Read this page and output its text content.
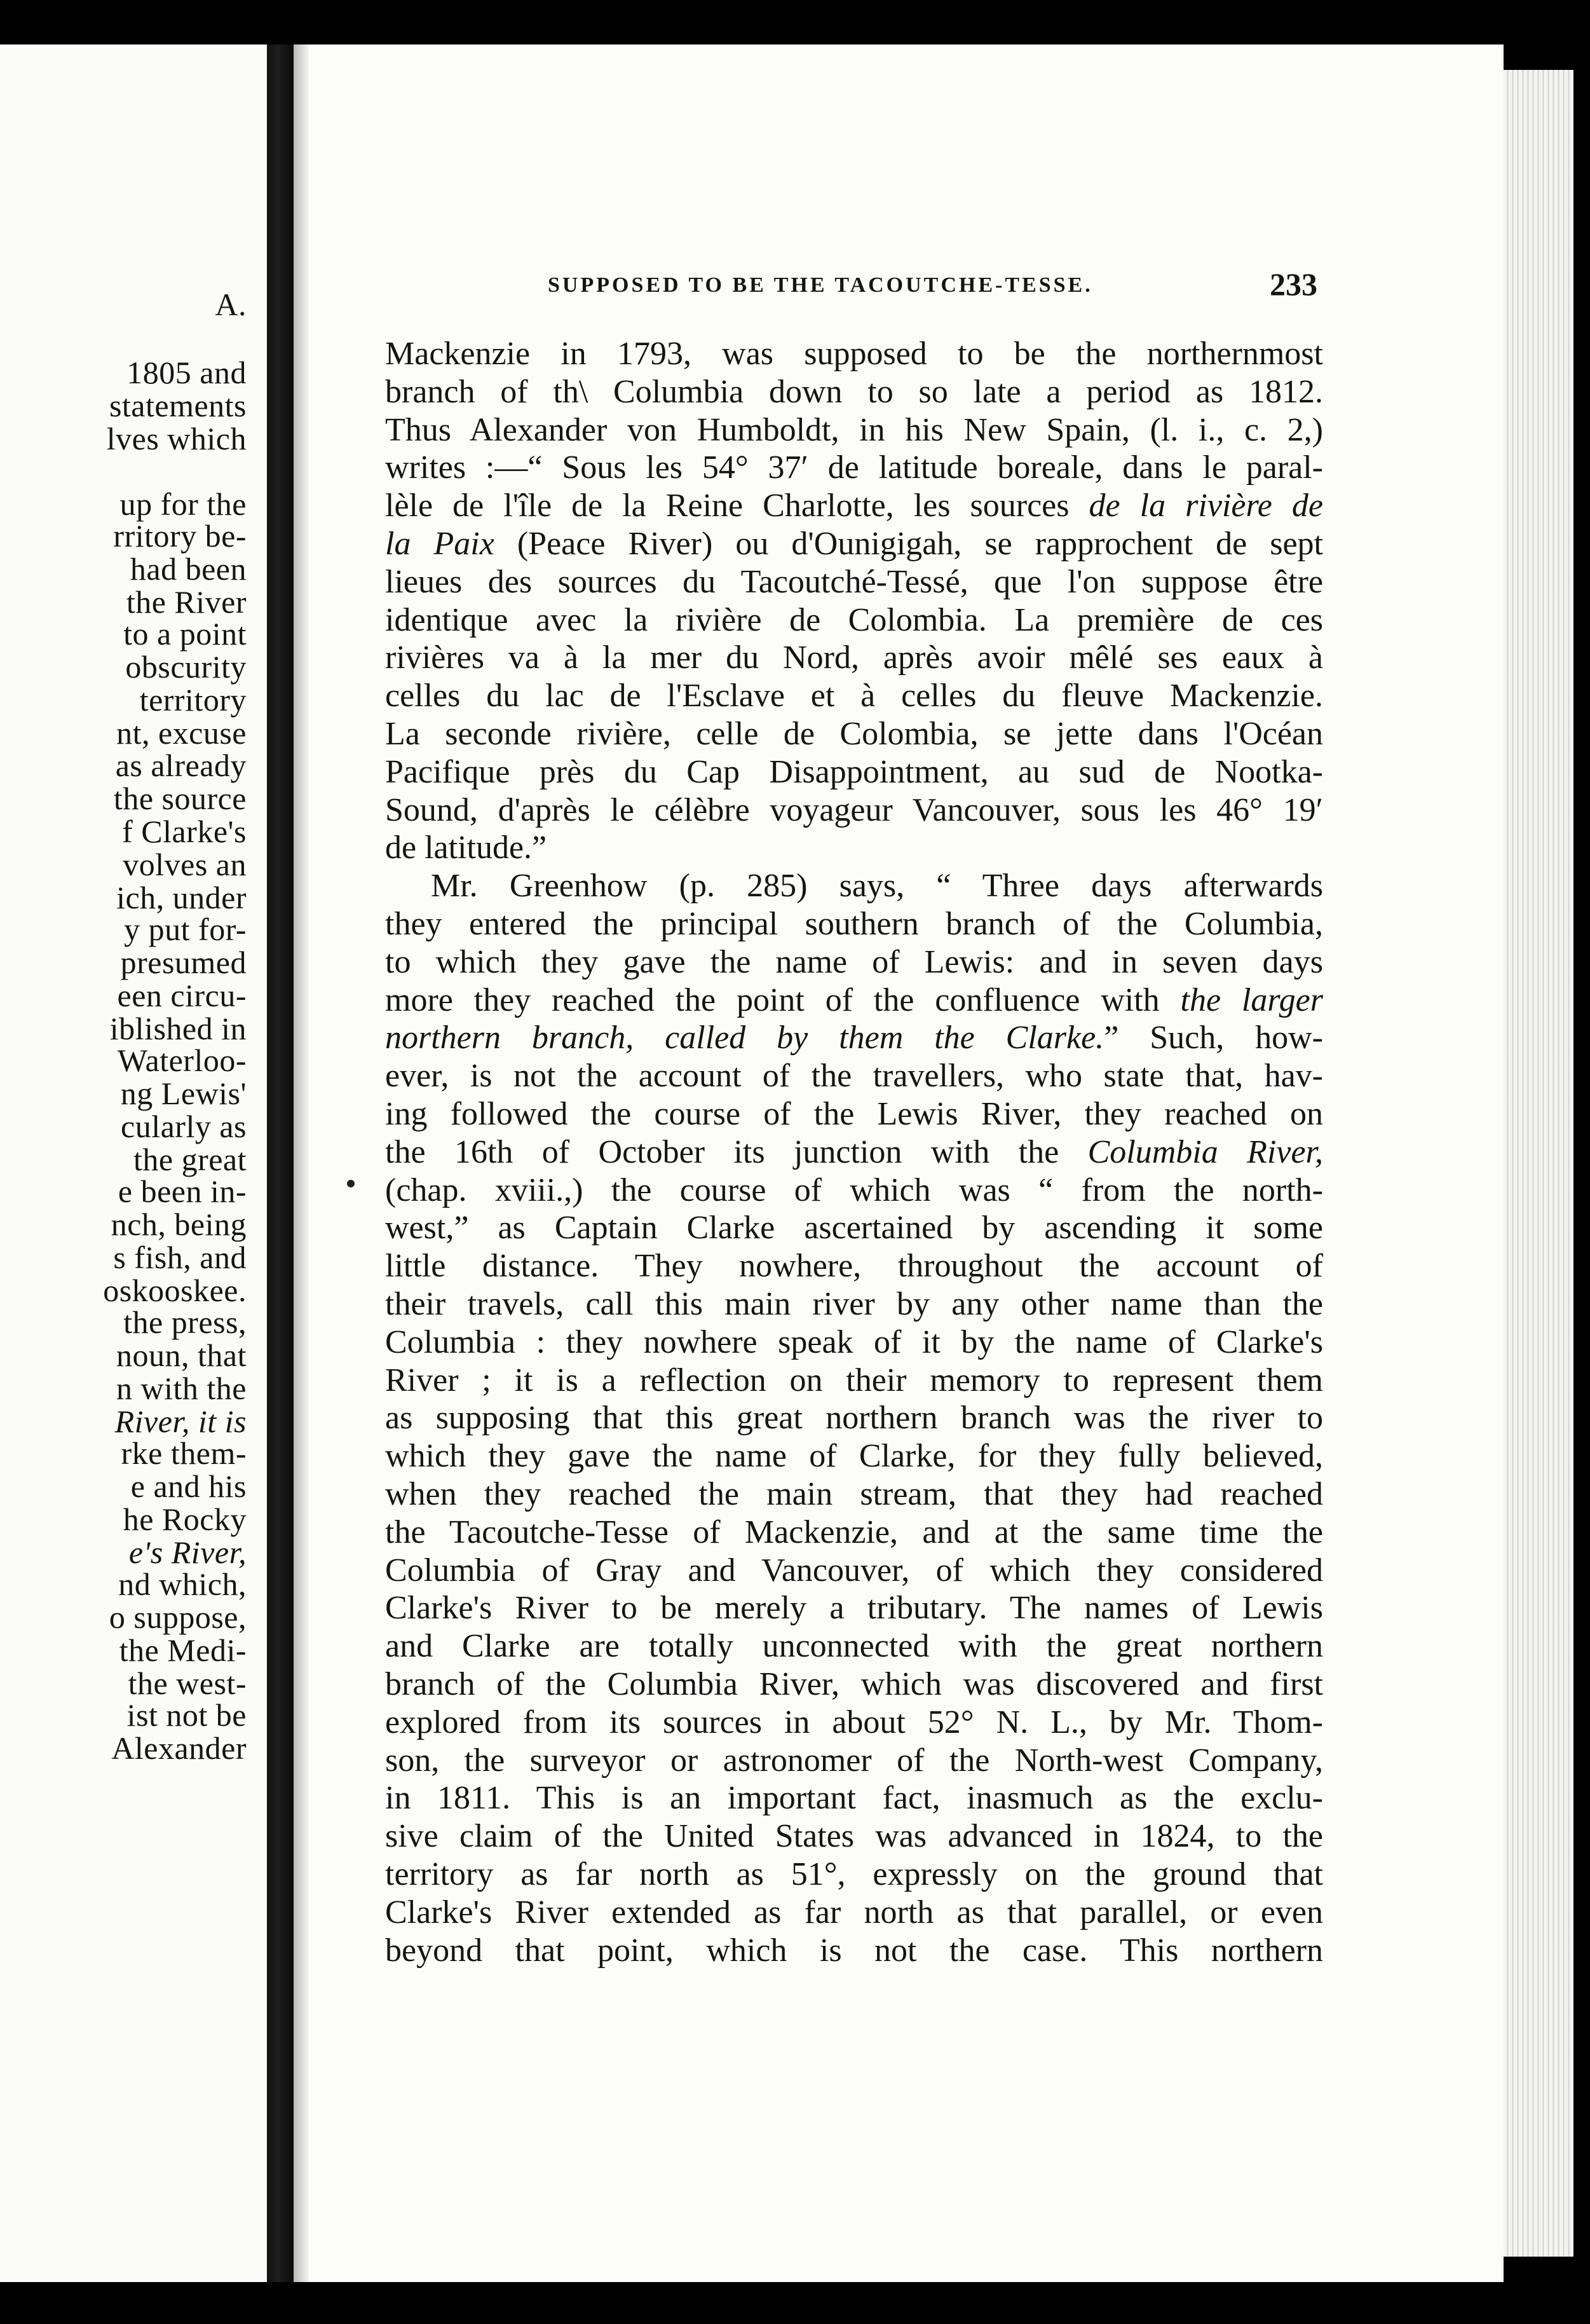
A.
1805 and
statements
lves which
up for the
rritory be-
had been
the River
to a point
obscurity
territory
nt, excuse
as already
the source
f Clarke's
volves an
ich, under
y put for-
presumed
een circu-
iblished in
Waterloo-
ng Lewis'
cularly as
the great
e been in-
nch, being
s fish, and
oskooskee.
the press,
noun, that
n with the
River, it is
rke them-
e and his
he Rocky
e's River,
nd which,
o suppose,
the Medi-
the west-
ist not be
Alexander
SUPPOSED TO BE THE TACOUTCHE-TESSE.	233
Mackenzie in 1793, was supposed to be the northernmost
branch of th\ Columbia down to so late a period as 1812.
Thus Alexander von Humboldt, in his New Spain, (l. i., c. 2,)
writes :—“ Sous les 54° 37′ de latitude boreale, dans le paral-
lèle de l'île de la Reine Charlotte, les sources de la rivière de
la Paix (Peace River) ou d'Ounigigah, se rapprochent de sept
lieues des sources du Tacoutché-Tessé, que l'on suppose être
identique avec la rivière de Colombia. La première de ces
rivières va à la mer du Nord, après avoir mêlé ses eaux à
celles du lac de l'Esclave et à celles du fleuve Mackenzie.
La seconde rivière, celle de Colombia, se jette dans l'Océan
Pacifique près du Cap Disappointment, au sud de Nootka-
Sound, d'après le célèbre voyageur Vancouver, sous les 46° 19′
de latitude.”
Mr. Greenhow (p. 285) says, “ Three days afterwards
they entered the principal southern branch of the Columbia,
to which they gave the name of Lewis: and in seven days
more they reached the point of the confluence with the larger
northern branch, called by them the Clarke.” Such, how-
ever, is not the account of the travellers, who state that, hav-
ing followed the course of the Lewis River, they reached on
the 16th of October its junction with the Columbia River,
(chap. xviii.,) the course of which was “ from the north-
west,” as Captain Clarke ascertained by ascending it some
little distance. They nowhere, throughout the account of
their travels, call this main river by any other name than the
Columbia : they nowhere speak of it by the name of Clarke's
River ; it is a reflection on their memory to represent them
as supposing that this great northern branch was the river to
which they gave the name of Clarke, for they fully believed,
when they reached the main stream, that they had reached
the Tacoutche-Tesse of Mackenzie, and at the same time the
Columbia of Gray and Vancouver, of which they considered
Clarke's River to be merely a tributary. The names of Lewis
and Clarke are totally unconnected with the great northern
branch of the Columbia River, which was discovered and first
explored from its sources in about 52° N. L., by Mr. Thom-
son, the surveyor or astronomer of the North-west Company,
in 1811. This is an important fact, inasmuch as the exclu-
sive claim of the United States was advanced in 1824, to the
territory as far north as 51°, expressly on the ground that
Clarke's River extended as far north as that parallel, or even
beyond that point, which is not the case. This northern
